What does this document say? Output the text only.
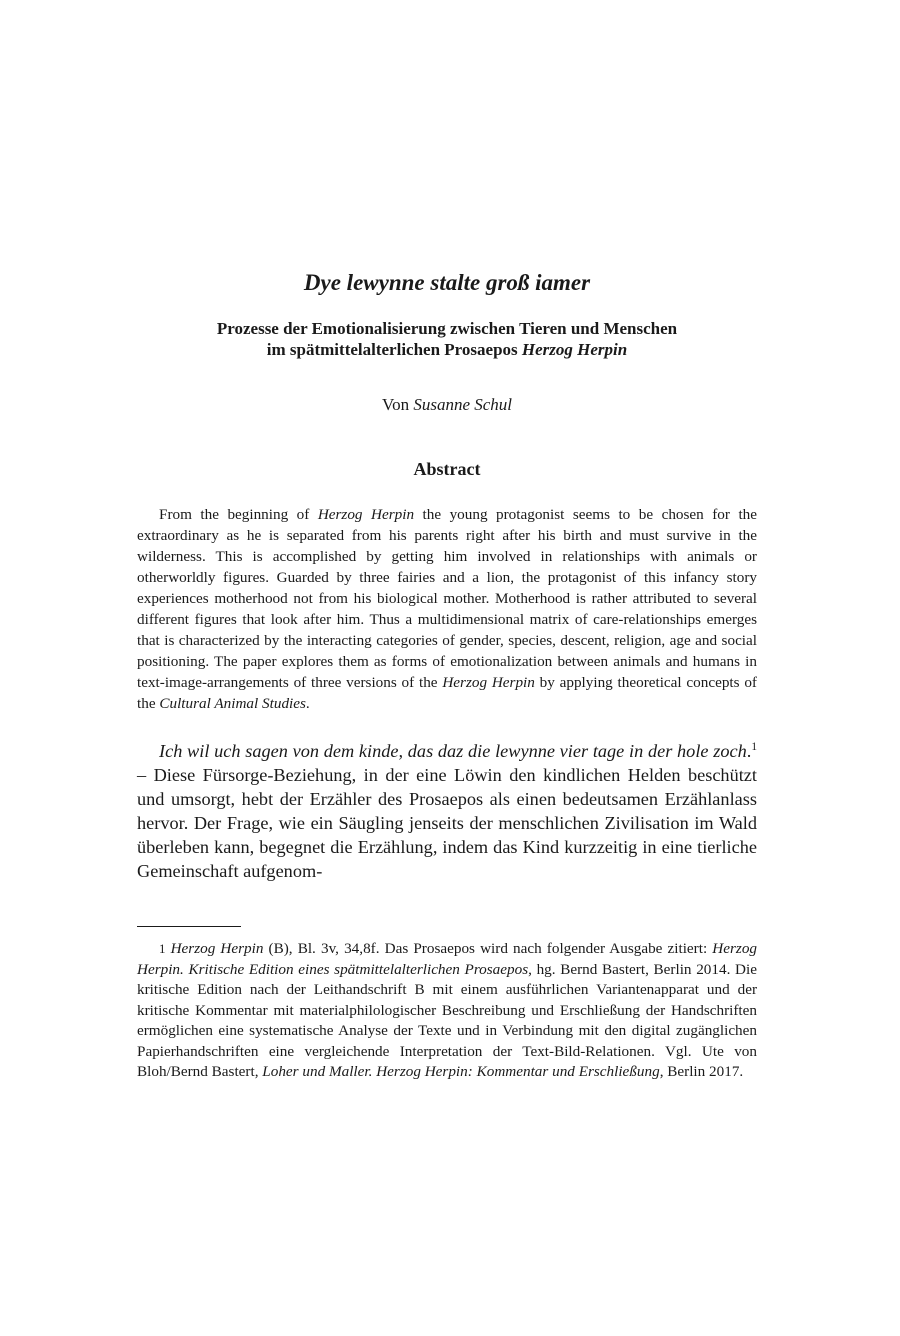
Dye lewynne stalte groß iamer
Prozesse der Emotionalisierung zwischen Tieren und Menschen
im spätmittelalterlichen Prosaepos Herzog Herpin
Von Susanne Schul
Abstract

From the beginning of Herzog Herpin the young protagonist seems to be chosen for the extraordinary as he is separated from his parents right after his birth and must survive in the wilderness. This is accomplished by getting him involved in relationships with animals or otherworldly figures. Guarded by three fairies and a lion, the protagonist of this infancy story experiences motherhood not from his biological mother. Motherhood is rather attributed to several different figures that look after him. Thus a multidimensional matrix of care-relationships emerges that is characterized by the interacting categories of gender, species, descent, religion, age and social positioning. The paper explores them as forms of emotionalization between animals and humans in text-image-arrangements of three versions of the Herzog Herpin by applying theoretical concepts of the Cultural Animal Studies.

Ich wil uch sagen von dem kinde, das daz die lewynne vier tage in der hole zoch.$^1$ – Diese Fürsorge-Beziehung, in der eine Löwin den kindlichen Helden beschützt und umsorgt, hebt der Erzähler des Prosaepos als einen bedeutsamen Erzählanlass hervor. Der Frage, wie ein Säugling jenseits der menschlichen Zivilisation im Wald überleben kann, begegnet die Erzählung, indem das Kind kurzzeitig in eine tierliche Gemeinschaft aufgenom-

1 Herzog Herpin (B), Bl. 3v, 34,8f. Das Prosaepos wird nach folgender Ausgabe zitiert: Herzog Herpin. Kritische Edition eines spätmittelalterlichen Prosaepos, hg. Bernd Bastert, Berlin 2014. Die kritische Edition nach der Leithandschrift B mit einem ausführlichen Variantenapparat und der kritische Kommentar mit materialphilologischer Beschreibung und Erschließung der Handschriften ermöglichen eine systematische Analyse der Texte und in Verbindung mit den digital zugänglichen Papierhandschriften eine vergleichende Interpretation der Text-Bild-Relationen. Vgl. Ute von Bloh/Bernd Bastert, Loher und Maller. Herzog Herpin: Kommentar und Erschließung, Berlin 2017.
